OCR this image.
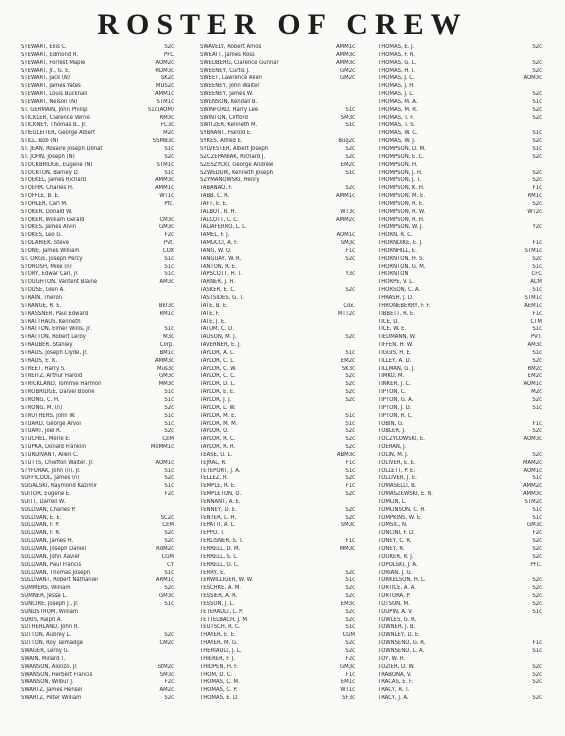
ROSTER OF CREW
STEWART, Ellis C.	S2c
STEWART, Edmond R.	PFC
STEWART, Forrest Maple	AOM2c
STEWART, Jr., G. E.	RDM3c
STEWART, Jack (N)	SK2c
STEWART, James Yates	MUS2c
STEWART, Louis Bucknall	AMM1c
STEWART, Nelson (N)	STM1c
ST. GERMAIN, John Phillip	S1c(AOM)
STICKLER, Clarence Verne	RM3c
STICKNEY, Thomas B., Jr.	FC3c
STIEGLEITER, George Albert	M2c
STILL, Bob (N)	SSMB3c
ST. JEAN, Rosaire Joseph Donat	S1c
ST. JOHN, Joseph (N)	S2c
STOCKBRIDGE, Eugene (N)	STM1c
STOCKTON, Barney D.	S1c
STOEKEL, James Richard	AMM3c
STOEHR, Charles H.	AMM1c
STOFFLE, B. E.	WT1c
STOHLER, Carl M.	Pfc.
STOKER, Donald W.
STOKER, William Gerald	CM3c
STOKES, James Alvin	GM3c
STOKES, Leo G.	F2c
STOLARIEK, Steve	Pvt.
STONE, James William	COX
ST. ORGE, Joseph Percy	S1c
STOROSH, Mike (n)	S1c
STORY, Edwar Carl, Jr.	S1c
STOUGHTON, Vantent Blaine	AM3c
STOUSE, Glen A.
STRAIN, Theron
STRANGE, R. E.	Bkr3c
STRASSNER, Paul Edward	RM1c
STRATTHAUS, Kenneth
STRATTON, Elmer Willis, Jr.	S1c
STRATTON, Robert Leroy	M3c
STRAUBER, Stanley	Corp.
STRAUS, Joseph Clyde, Jr.	BM1c
STRAUS, E. K.	AMM3c
STREET, Harry S.	Mus3c
STREITZ, Arthur Harold	GM3c
STRICKLAND, Tommie Harmon	MM3c
STROBRIDGE, Daniel Boone	S1c
STRONG, C. H.	S1c
STRONG, M. (n)	S2c
STRUTHERS, John W.	S1c
STUARD, George Arvol	S1c
STUART, Joel R.	S2c
STUCHEL, Merle E.	CEM
STUPKA, Donald Franklin	MoMM1c
STURDIVANT, Allen C.
STUTTS, Chieffon Walter, Jr.	AOM1c
STYFURAK, John (n), Jr.	S1c
SUFFICOOL, James (n)	S2c
SUGALSKI, Raymond Kazimir	S1c
SUITOR, Eugene E.	F2c
SUITT, Darrell W.
SULLIVAN, Charles P.
SULLIVAN, E. E.	SC2c
SULLIVAN, F. P.	CEM
SULLIVAN, F. R.	S2c
SULLIVAN, James H.	S2c
SULLIVAN, Joseph Daniel	RdM2c
SULLIVAN, John Xavier	CGM
SULLIVAN, Paul Francis	CY
SULLIVAN, Thomas Joseph	S1c
SULLIVANT, Robert Nathaniel	ARM1c
SUMMERS, William	S2c
SUMNER, Jesse L.	GM3c
SUNCIRE, Joseph J., Jr.	S1c
SUNDSTROM, William
SURIS, Ralph A.
SUTHERLAND, John R.
SUTTON, Aubrey L.	S2c
SUTTON, Roy Talmadge	CM2c
SWAGER, Leroy G.
SWAIN, Millard T.
SWANSON, Alonzo, Jr.	StM2c
SWANSON, Herbert Francis	SM3c
SWANSON, Wilbur J.	F2c
SWARTZ, James Hensel	AM2c
SWARTZ, Peter William	S2c
SWAVELY, Robert Amos	AMM1c
SWEATT, James Ross	AMM3c
SWEDBERG, Clarence Gunnar	AMM3c
SWEENEY, Curtis J.	GM2c
SWEET, Lawrence Allen	GM2c
SWEENEY, John Walter
SWEENEY, James W.
SWENSON, Kendall B.
SWINFORD, Harry Lee	S1c
SWINTON, Clifford	SM3c
SWITZER, Kenneth M.	S1c
SYBRANT, Harold E.
SYKES, Alfred E.	Bug2c
SYLVESTER, Albert Joseph	S2c
SZCZEPANIAK, Richard J.	S2c
SZESZYCKI, George Andrew	EM2c
SZWEDUIK, Kenneth Joseph	S1c
SZYMANOWSKI, Henry
TABANAO, F.	S2c
TABB, C. R.	AMM1c
TAFT, E. E.
TALBOT, R. H.	WT3c
TALCOTT, L. C.	AMM2c
TALIAFERRO, L. L.
TAMEL, F. J.	AOM1c
TAMUCCI, A. F.	SM3c
TANG, W. O.	F1c
TANGUAY, W. R.	S2c
TANTON, R. E.
TAPSCOTT, H. T.	Y3c
TARNER, J. H.
TASKER, E. C.	S2c
TASTSIDES, G. T.
TATE, B. E.	Cox.
TATE, F.	MTT2c
TATE, J. E.
TATUM, C. D.
TAUSON, M. J.	S2c
TAVERNER, E. J.
TAYLOR, A. L.	S1c
TAYLOR, C. L.	EM2c
TAYLOR, C. W.	SK3c
TAYLOR, C. C.	S2c
TAYLOR, D. L.	S2c
TAYLOR, E. E.	S2c
TAYLOR, J. J.	S2c
TAYLOR, L. W.
TAYLOR, M. E.	S1c
TAYLOR, M. M.	S1c
TAYLOR, O.	S2c
TAYLOR, R. C.	S2c
TAYLOR, R. R.	S2c
TEASE, U. L.	ABM3c
TEJRAL, R.	F1c
TETEPORT, J. A.	S1c
TELLEZ, R.	S2c
TEMPLE, R. E.	F1c
TEMPLETON, D.	S2c
TENNANT, A. E.
TENNEY, D. E.	S2c
TENTER, L. H.	S2c
TEPATTI, A. L.	SM3c
TEPPO, T.
TERLISNER, S. T.	F1c
TERRELL, D. M.	MM3c
TERRELL, S. L.
TERRELL, O. C.
TERRY, E.	S2c
TERWILLIGER, W. W.	S1c
TESCHKE, A. M.	S2c
TESSIER, A. R.	S2c
TESSON, J. L.	EM3c
TETERAULT, L. P.	S2c
TETTELBACH, J. M.	S2c
TEUTSCH, R. C.	S1c
THAYER, E. E.	CGM
THAYER, M. G.	S2c
THERIAULT, J. L.	S2c
THIERER, F. J.	F2c
THIOPEN, H. F.	GM3c
THOM, D. C.	F1c
THOMAS, C. M.	EM1c
THOMAS, C. P.	WT1c
THOMAS, E. D.	SF3c
THOMAS, E. J.	S2c
THOMAS, F. R.
THOMAS, G. L.	S2c
THOMAS, H. I.	S2c
THOMAS, J. C.	AOM3c
THOMAS, J. H.
THOMAS, J. L.	S2c
THOMAS, M. A.	S1c
THOMAS, M. R.	S2c
THOMAS, T. F.	S2c
THOMAS, T. S.
THOMAS, W. C.	S1c
THOMAS, W. J.	S2c
THOMPSON, D. M.	S1c
THOMPSON, E. C.	S2c
THOMPSON, H.
THOMPSON, J. H.	S2c
THOMPSON, J. T.	S2c
THOMPSON, K. H.	F1c
THOMPSON, M. E.	RM1c
THOMPSON, R. E.	S2c
THOMPSON, R. W.	WT2c
THOMPSON, R. H.
THOMPSON, W. J.	Y2c
THORN, R. C.
THORNDIKE, E. J.	F1c
THORNHILL, E.	STM1c
THORNTON, H. S.	S2c
THORNTON, G. M.	S1c
THORNTON	CFC
THORPE, V. L.	ACM
THORSON, C. A.	S1c
THRASH, J. D.	STM1c
THRONEBERRY, F. F.	AEM1c
TIBBETT, R. E.	F1c
TICE, D.	CTM
TICE, W. E.	S1c
TIEDMANN, W.	PVT.
TIFFEN, H. W.	AM3c
TIGGIS, H. E.	S1c
TILLEY, A. D.	S2c
TILLMAN, G. J.	RM2c
TIMKO, M.	EM2c
TINKER, J. C.	AOM1c
TIPTON, C.	M2c
TIPTON, G. A.	S2c
TIPTON, J. D.	S1c
TIPTON, R. C.
TOBIN, G.	F1c
TOBLER, J.	S2c
TOCZYLOWSKI, E.	AOM3c
TOERAN, J.
TOLIN, M. J.	S2c
TOLIVER, E. E.	MAM2c
TOLLETT, P. E.	AOM1c
TOLLIVER, J. E.	S1c
TOMASELLI, B.	AMM2c
TOMASZEWSKI, E. R.	AMM3c
TOMLIN, L.	STM2c
TOMLINSON, C. H.	S1c
TOMPKINS, W. E.	S1c
TOMSIC, N.	GM3c
TONCINI, F. D.	F2c
TONEY, C. R.	S2c
TONEY, R.	S2c
TOOKER, R. J.	S2c
TOPOLSKI, J. A.	PFC.
TORIAN, J. G.
TORKELSON, H. L.	S2c
TORTICE, A. A.	S2c
TORTORA, P.	S2c
TOTSON, M.	S2c
TOUPIN, A. V.	S1c
TOWLES, G. R.
TOWNER, J. B.
TOWNLEY, D. E.
TOWNSEND, G. R.	F1c
TOWNSEND, L. A.	S1c
TOY, W. H.
TOZIER, D. W.	S2c
TRABONA, V.	S2c
TRACAS, E. F.	S2c
TRACY, R. T.
TRACY, J. A.	S2c
